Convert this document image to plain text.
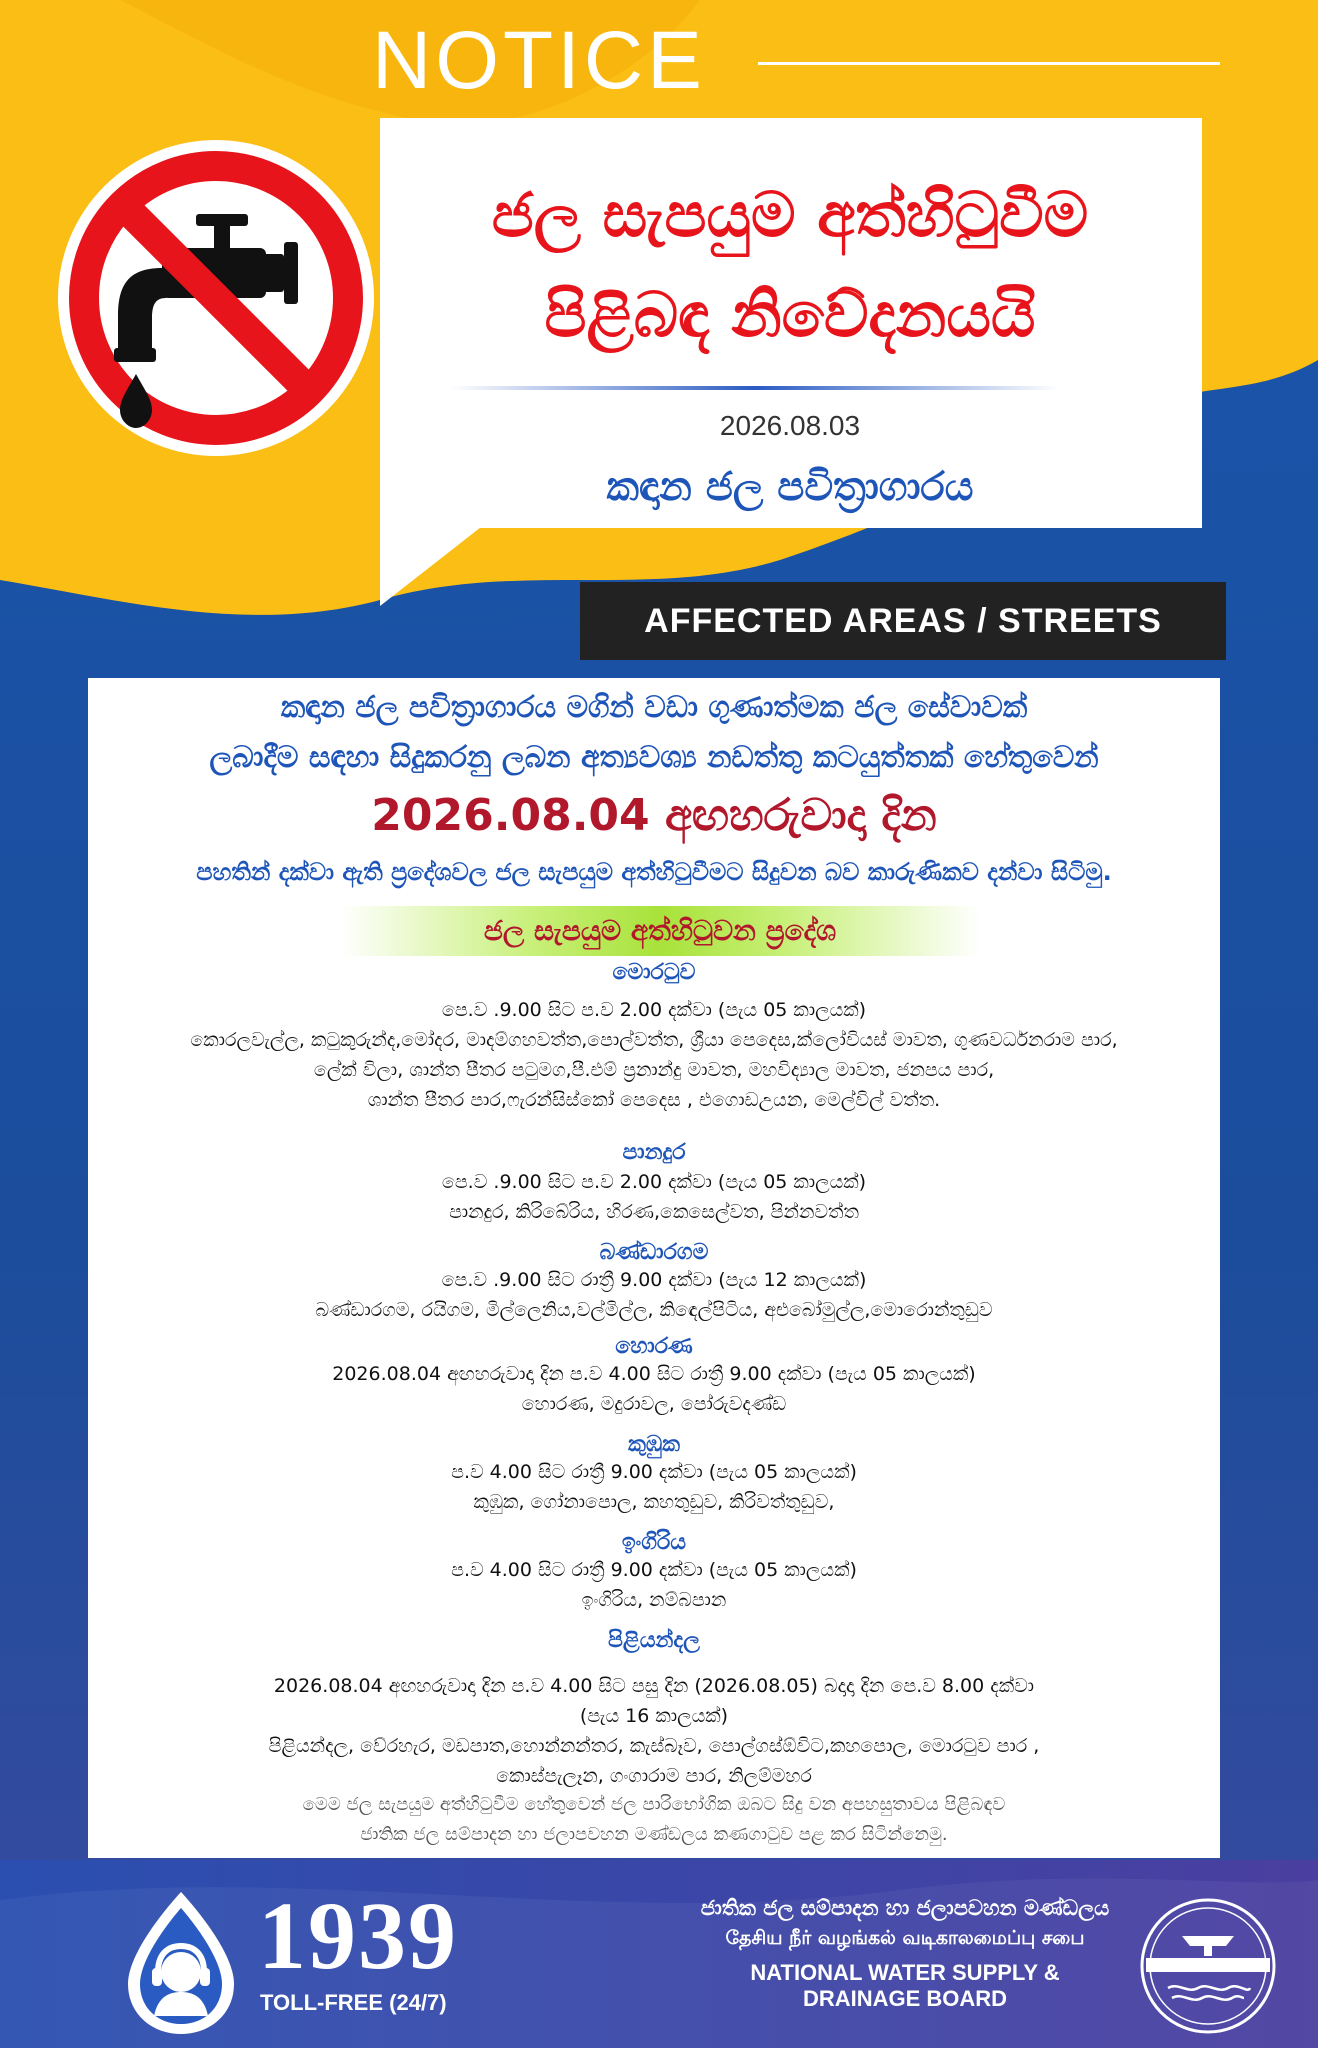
NOTICE
ජල සැපයුම අත්හිටුවීම
පිළිබඳ නිවේදනයයි
2026.08.03
කඳාන ජල පවිත්‍රාගාරය
AFFECTED AREAS / STREETS
කඳාන ජල පවිත්‍රාගාරය මගින් වඩා ගුණාත්මක ජල සේවාවක්
ලබාදීම සඳහා සිදුකරනු ලබන අත්‍යවශ්‍ය නඩත්තු කටයුත්තක් හේතුවෙන්
2026.08.04 අඟහරුවාදා දින
පහතින් දක්වා ඇති ප්‍රදේශවල ජල සැපයුම අත්හිටුවීමට සිදුවන බව කාරුණිකව දන්වා සිටිමු.
ජල සැපයුම අත්හිටුවන ප්‍රදේශ
මොරටුව
පෙ.ව .9.00 සිට ප.ව 2.00 දක්වා (පැය 05 කාලයක්)
කොරලවැල්ල, කටුකුරුන්ද,මෝදර, මාදම්ගහවත්ත,පොල්වත්ත, ශ්‍රීයා පෙදෙස,ක්ලෝවියස් මාවත, ගුණවර්ධනරාම පාර,
ලේක් විලා, ශාන්ත පීතර පටුමග,පී.එම් ප්‍රනාන්දු මාවත, මහවිද්‍යාල මාවත, ජනපය පාර,
ශාන්ත පීතර පාර,ෆැරන්සිස්කෝ පෙදෙස , එගොඩඋයන, මෙල්විල් වත්ත.
පානදුර
පෙ.ව .9.00 සිට ප.ව 2.00 දක්වා (පැය 05 කාලයක්)
පානදුර, කිරිබේරිය, හිරණ,කෙසෙල්වත, පින්නවත්ත
බණ්ඩාරගම
පෙ.ව .9.00 සිට රාත්‍රී 9.00 දක්වා (පැය 12 කාලයක්)
බණ්ඩාරගම, රයිගම, මිල්ලෙනිය,වල්මිල්ල, කිඳෙල්පිටිය, අළුබෝමුල්ල,මොරොන්තුඩුව
හොරණ
2026.08.04 අඟහරුවාදා දින ප.ව 4.00 සිට රාත්‍රී 9.00 දක්වා (පැය 05 කාලයක්)
හොරණ, මදුරාවල, පෝරුවදණ්ඩ
කුඹුක
ප.ව 4.00 සිට රාත්‍රී 9.00 දක්වා (පැය 05 කාලයක්)
කුඹුක, ගෝනාපොල, කහතුඩුව, කිරිවත්තුඩුව,
ඉංගිරිය
ප.ව 4.00 සිට රාත්‍රී 9.00 දක්වා (පැය 05 කාලයක්)
ඉංගිරිය, නම්බපාන
පිළියන්දල
2026.08.04 අඟහරුවාදා දින ප.ව 4.00 සිට පසු දින (2026.08.05) බදාදා දින පෙ.ව 8.00 දක්වා
(පැය 16 කාලයක්)
පිළියන්දල, වේරහැර, මඩපාත,හොන්නන්තර, කැස්බෑව, පොල්ගස්ඕවිට,කහපොල, මොරටුව පාර ,
කොස්පැලෑන, ගංගාරාම පාර, නිලම්මහර
මෙම ජල සැපයුම අත්හිටුවීම හේතුවෙන් ජල පාරිභෝගික ඔබට සිදු වන අපහසුතාවය පිළිබඳව
ජාතික ජල සම්පාදන හා ජලාපවහන මණ්ඩලය කණගාටුව පළ කර සිටින්නෙමු.
1939
TOLL-FREE (24/7)
ජාතික ජල සම්පාදන හා ජලාපවහන මණ්ඩලය
தேசிய நீர் வழங்கல் வடிகாலமைப்பு சபை
NATIONAL WATER SUPPLY & DRAINAGE BOARD
